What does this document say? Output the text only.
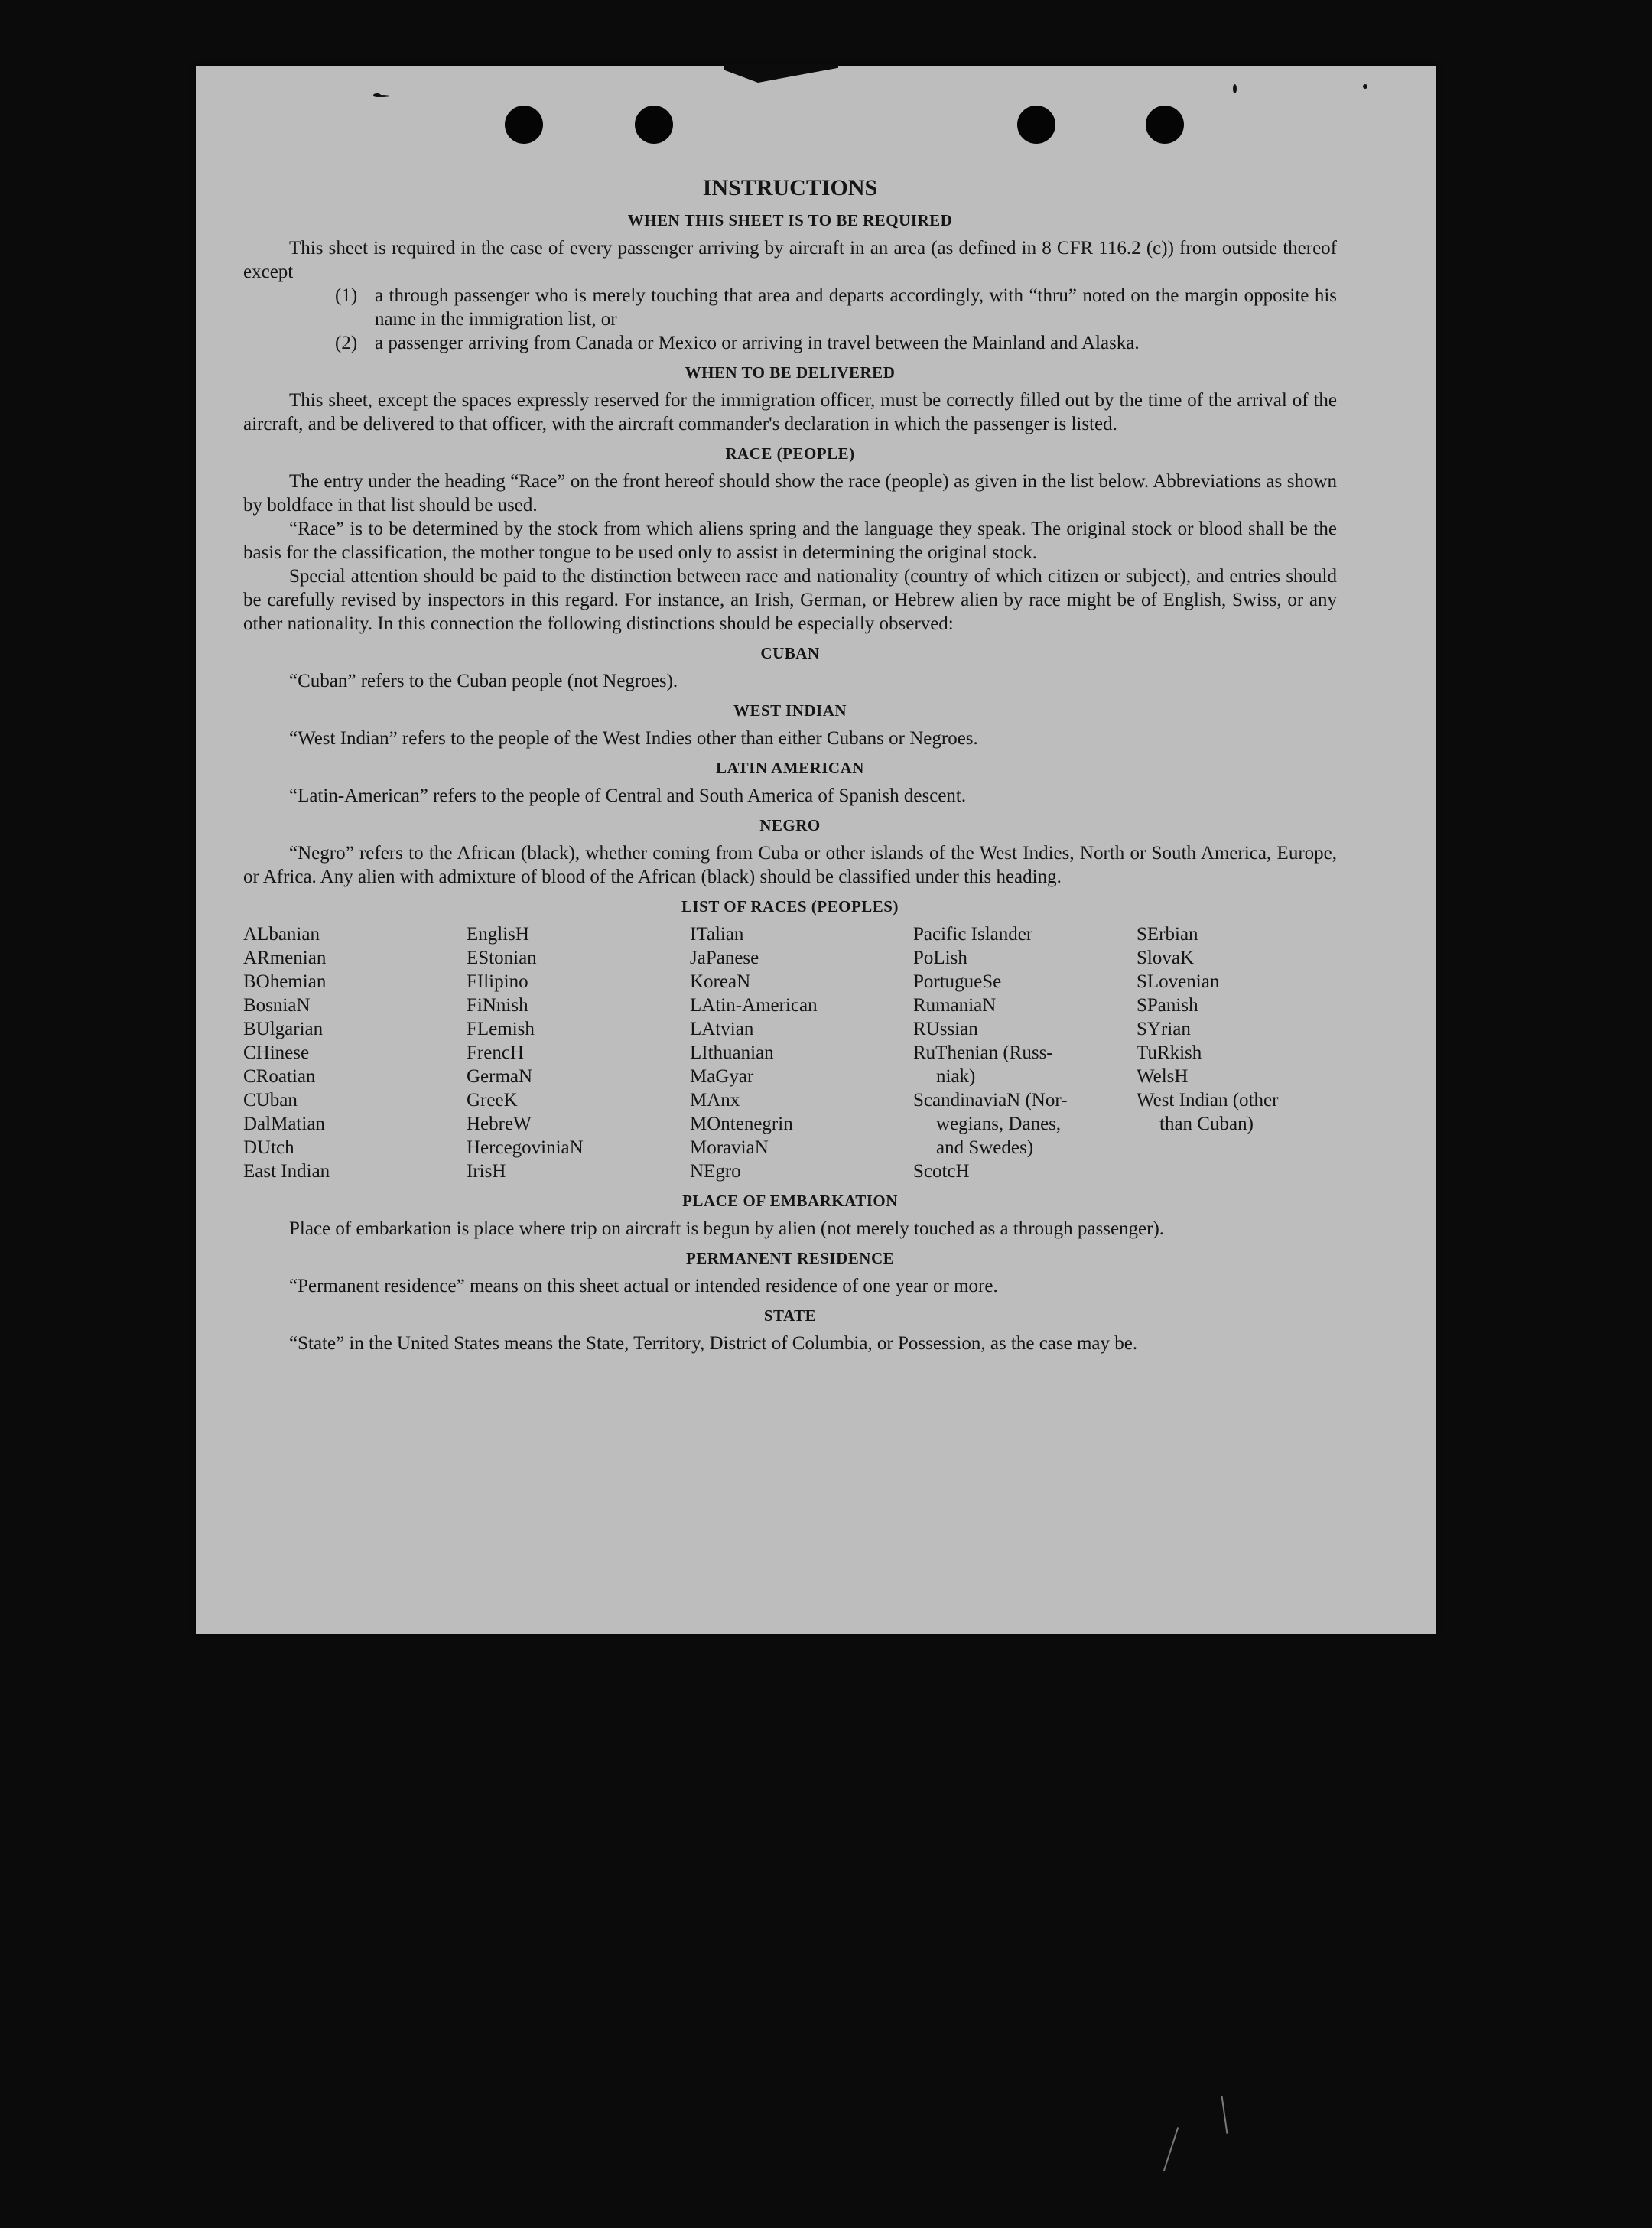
INSTRUCTIONS
WHEN THIS SHEET IS TO BE REQUIRED

This sheet is required in the case of every passenger arriving by aircraft in an area (as defined in 8 CFR 116.2 (c)) from outside thereof except

(1) a through passenger who is merely touching that area and departs accordingly, with “thru” noted on the margin opposite his name in the immigration list, or
(2) a passenger arriving from Canada or Mexico or arriving in travel between the Mainland and Alaska.
WHEN TO BE DELIVERED

This sheet, except the spaces expressly reserved for the immigration officer, must be correctly filled out by the time of the arrival of the aircraft, and be delivered to that officer, with the aircraft commander's declaration in which the passenger is listed.

RACE (PEOPLE)

The entry under the heading “Race” on the front hereof should show the race (people) as given in the list below. Abbreviations as shown by boldface in that list should be used.

“Race” is to be determined by the stock from which aliens spring and the language they speak. The original stock or blood shall be the basis for the classification, the mother tongue to be used only to assist in determining the original stock.

Special attention should be paid to the distinction between race and nationality (country of which citizen or subject), and entries should be carefully revised by inspectors in this regard. For instance, an Irish, German, or Hebrew alien by race might be of English, Swiss, or any other nationality. In this connection the following distinctions should be especially observed:

CUBAN

“Cuban” refers to the Cuban people (not Negroes).

WEST INDIAN

“West Indian” refers to the people of the West Indies other than either Cubans or Negroes.

LATIN AMERICAN

“Latin-American” refers to the people of Central and South America of Spanish descent.

NEGRO

“Negro” refers to the African (black), whether coming from Cuba or other islands of the West Indies, North or South America, Europe, or Africa. Any alien with admixture of blood of the African (black) should be classified under this heading.

LIST OF RACES (PEOPLES)
ALbanian
ARmenian
BOhemian
BosniaN
BUlgarian
CHinese
CRoatian
CUban
DalMatian
DUtch
East Indian
EnglisH
EStonian
FIlipino
FiNnish
FLemish
FrencH
GermaN
GreeK
HebreW
HercegoviniaN
IrisH
ITalian
JaPanese
KoreaN
LAtin-American
LAtvian
LIthuanian
MaGyar
MAnx
MOntenegrin
MoraviaN
NEgro
Pacific Islander
PoLish
PortugueSe
RumaniaN
RUssian
RuThenian (Russ-
niak)
ScandinaviaN (Nor-
wegians, Danes,
and Swedes)
ScotcH
SErbian
SlovaK
SLovenian
SPanish
SYrian
TuRkish
WelsH
West Indian (other
than Cuban)
PLACE OF EMBARKATION

Place of embarkation is place where trip on aircraft is begun by alien (not merely touched as a through passenger).

PERMANENT RESIDENCE

“Permanent residence” means on this sheet actual or intended residence of one year or more.

STATE

“State” in the United States means the State, Territory, District of Columbia, or Possession, as the case may be.
